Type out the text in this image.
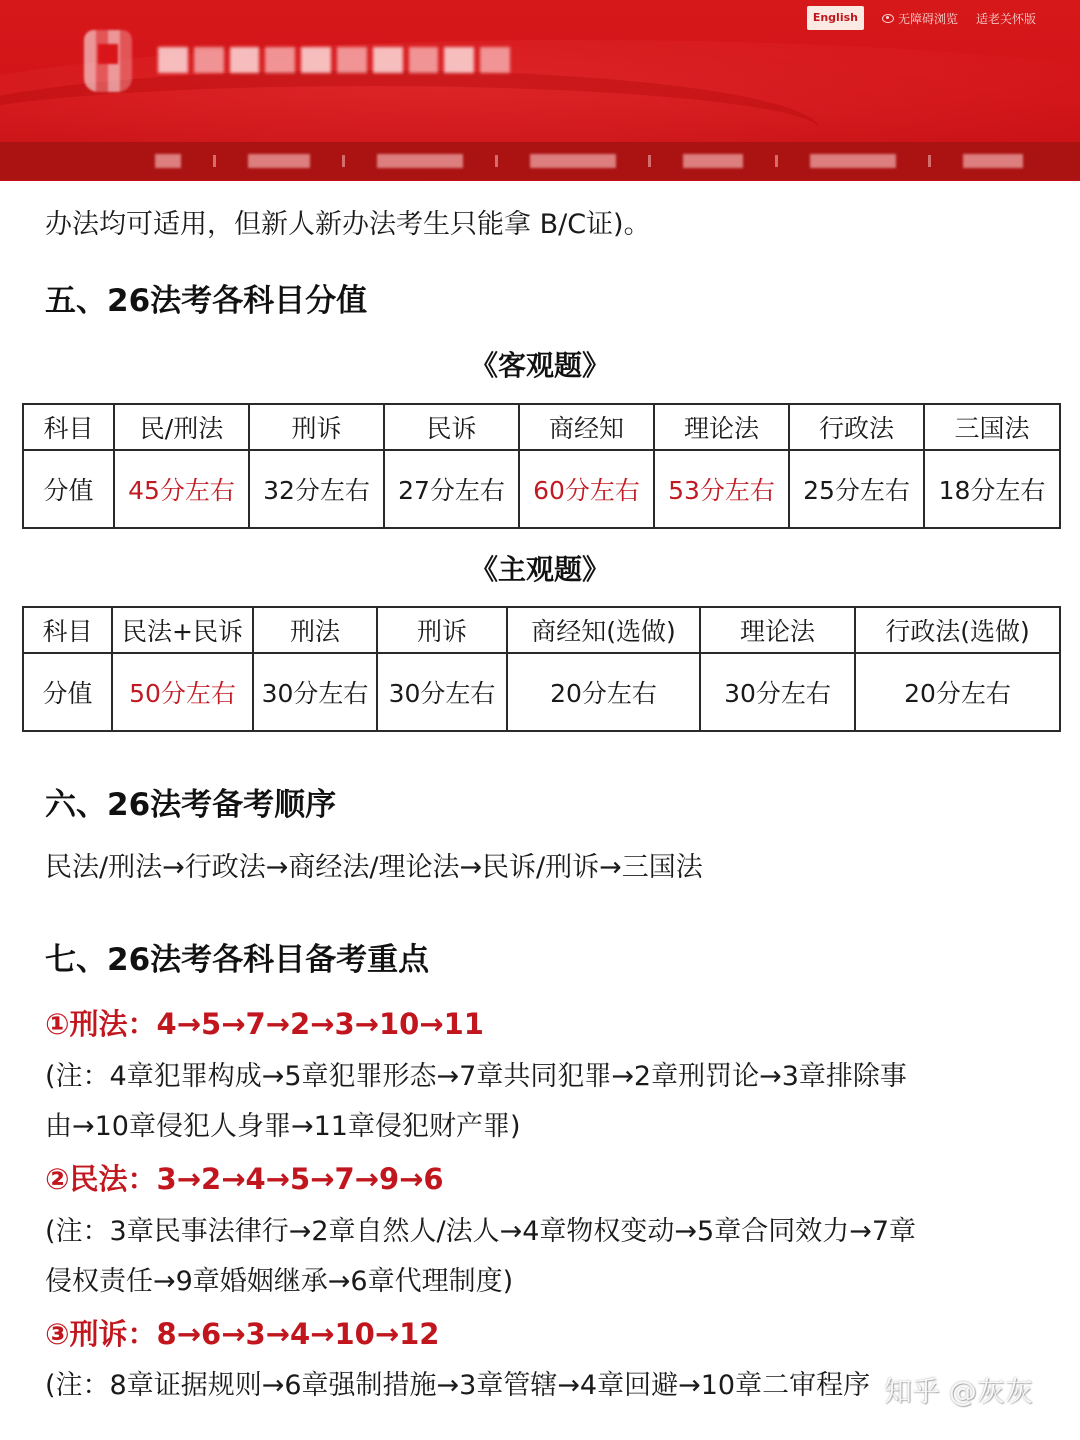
English	无障碍浏览 适老关怀版
办法均可适用，但新人新办法考生只能拿 B/C证)。
五、26法考各科目分值
《客观题》
科目	民/刑法	刑诉	民诉	商经知	理论法	行政法	三国法
分值	45分左右	32分左右	27分左右	60分左右	53分左右	25分左右	18分左右
《主观题》
科目	民法+民诉	刑法	刑诉	商经知(选做)	理论法	行政法(选做)
分值	50分左右	30分左右	30分左右	20分左右	30分左右	20分左右
六、26法考备考顺序
民法/刑法→行政法→商经法/理论法→民诉/刑诉→三国法
七、26法考各科目备考重点
①刑法：4→5→7→2→3→10→11
(注：4章犯罪构成→5章犯罪形态→7章共同犯罪→2章刑罚论→3章排除事
由→10章侵犯人身罪→11章侵犯财产罪)
②民法：3→2→4→5→7→9→6
(注：3章民事法律行→2章自然人/法人→4章物权变动→5章合同效力→7章
侵权责任→9章婚姻继承→6章代理制度)
③刑诉：8→6→3→4→10→12
(注：8章证据规则→6章强制措施→3章管辖→4章回避→10章二审程序 知乎 @灰灰
